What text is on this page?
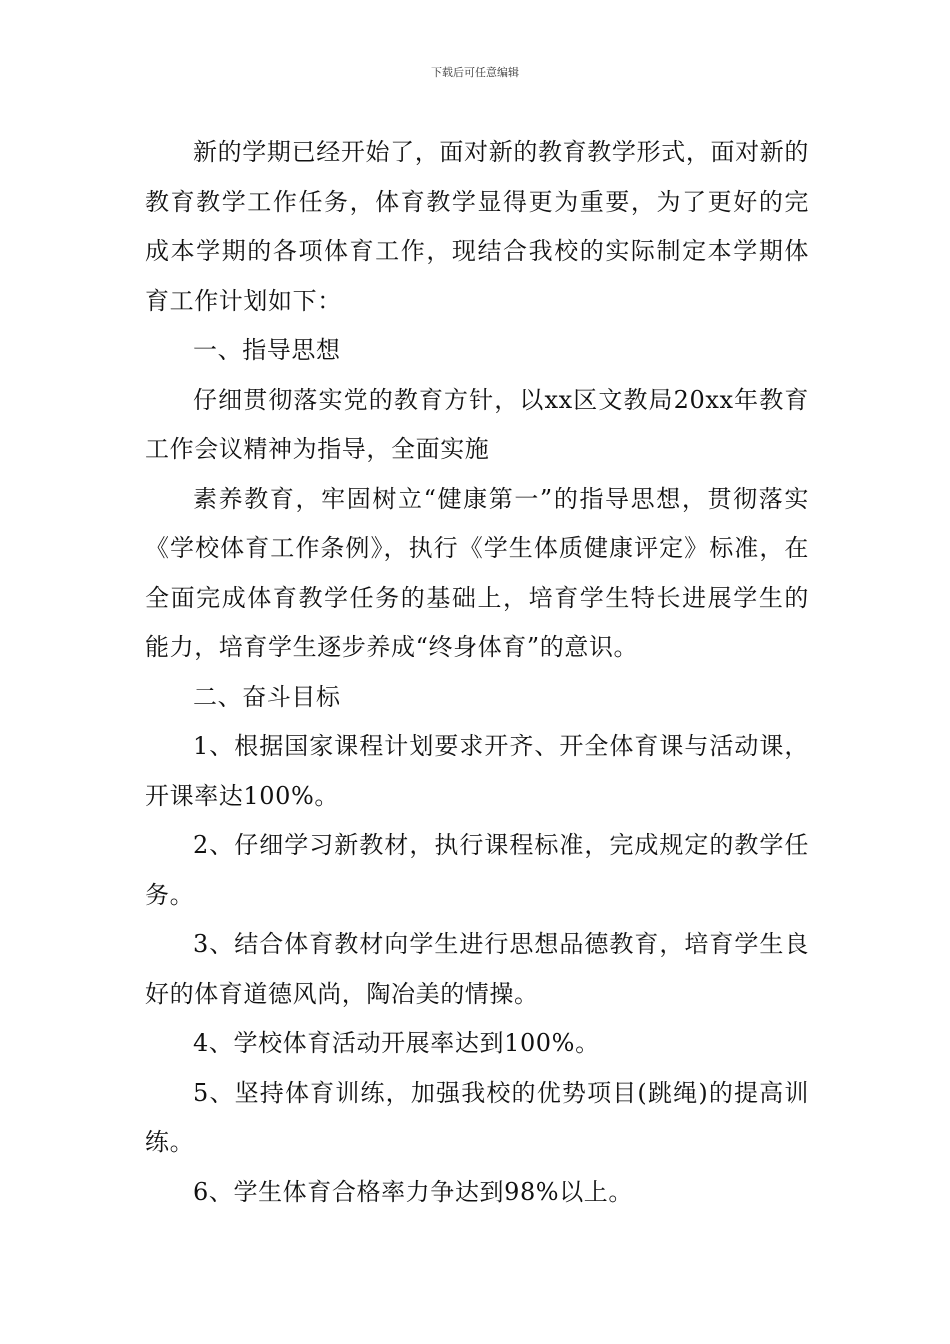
下载后可任意编辑

新的学期已经开始了，面对新的教育教学形式，面对新的教育教学工作任务，体育教学显得更为重要，为了更好的完成本学期的各项体育工作，现结合我校的实际制定本学期体育工作计划如下：

一、指导思想

仔细贯彻落实党的教育方针，以xx区文教局20xx年教育工作会议精神为指导，全面实施

素养教育，牢固树立“健康第一”的指导思想，贯彻落实《学校体育工作条例》，执行《学生体质健康评定》标准，在全面完成体育教学任务的基础上，培育学生特长进展学生的能力，培育学生逐步养成“终身体育”的意识。

二、奋斗目标

1、根据国家课程计划要求开齐、开全体育课与活动课，开课率达100%。

2、仔细学习新教材，执行课程标准，完成规定的教学任务。

3、结合体育教材向学生进行思想品德教育，培育学生良好的体育道德风尚，陶冶美的情操。

4、学校体育活动开展率达到100%。

5、坚持体育训练，加强我校的优势项目(跳绳)的提高训练。

6、学生体育合格率力争达到98%以上。
